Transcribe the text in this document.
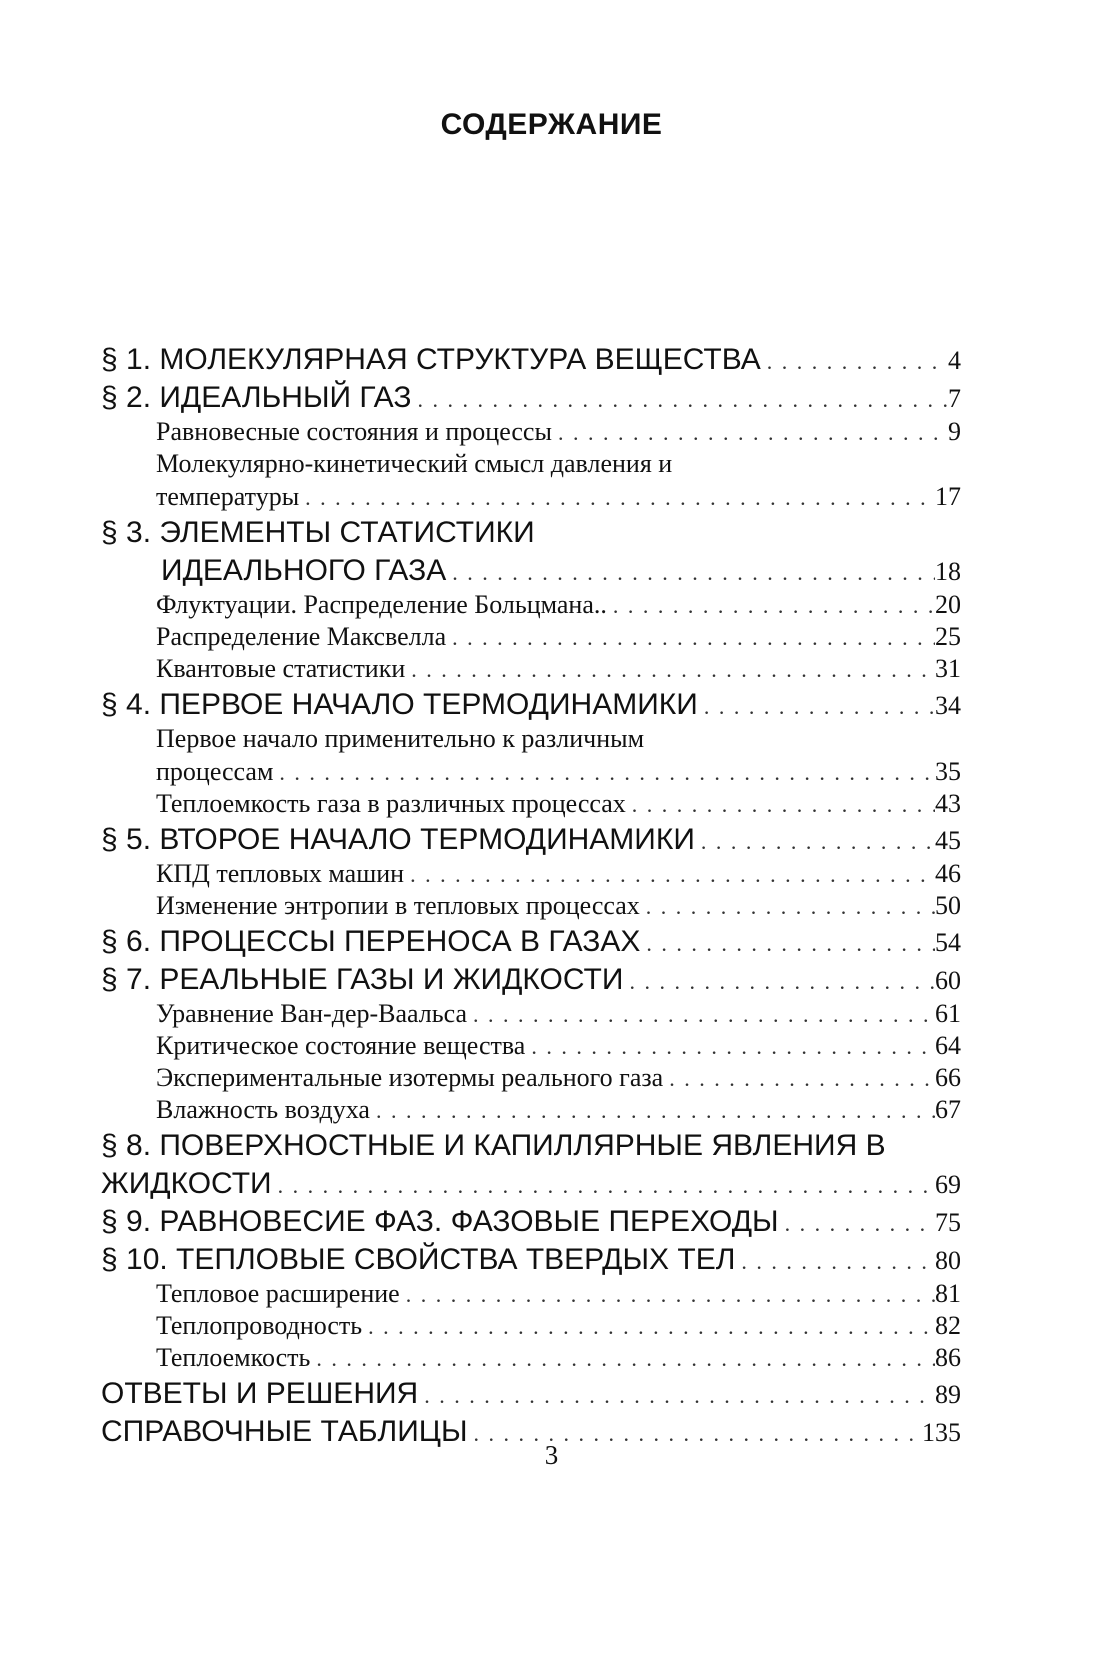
СОДЕРЖАНИЕ
§ 1. МОЛЕКУЛЯРНАЯ СТРУКТУРА ВЕЩЕСТВА . . .	4
§ 2. ИДЕАЛЬНЫЙ ГАЗ . . .	7
Равновесные состояния и процессы . . .	9
Молекулярно-кинетический смысл давления и
температуры . . .	17
§ 3. ЭЛЕМЕНТЫ СТАТИСТИКИ
ИДЕАЛЬНОГО ГАЗА . . .	18
Флуктуации. Распределение Больцмана.. . . .	20
Распределение Максвелла . . .	25
Квантовые статистики . . .	31
§ 4. ПЕРВОЕ НАЧАЛО ТЕРМОДИНАМИКИ . . .	34
Первое начало применительно к различным
процессам . . .	35
Теплоемкость газа в различных процессах . . .	43
§ 5. ВТОРОЕ НАЧАЛО ТЕРМОДИНАМИКИ . . .	45
КПД тепловых машин . . .	46
Изменение энтропии в тепловых процессах . . .	50
§ 6. ПРОЦЕССЫ ПЕРЕНОСА В ГАЗАХ . . .	54
§ 7. РЕАЛЬНЫЕ ГАЗЫ И ЖИДКОСТИ . . .	60
Уравнение Ван-дер-Ваальса . . .	61
Критическое состояние вещества . . .	64
Экспериментальные изотермы реального газа . . .	66
Влажность воздуха . . .	67
§ 8. ПОВЕРХНОСТНЫЕ И КАПИЛЛЯРНЫЕ ЯВЛЕНИЯ В
ЖИДКОСТИ . . .	69
§ 9. РАВНОВЕСИЕ ФАЗ. ФАЗОВЫЕ ПЕРЕХОДЫ . . .	75
§ 10. ТЕПЛОВЫЕ СВОЙСТВА ТВЕРДЫХ ТЕЛ . . .	80
Тепловое расширение . . .	81
Теплопроводность . . .	82
Теплоемкость . . .	86
ОТВЕТЫ И РЕШЕНИЯ . . .	89
СПРАВОЧНЫЕ ТАБЛИЦЫ . . .	135
3
